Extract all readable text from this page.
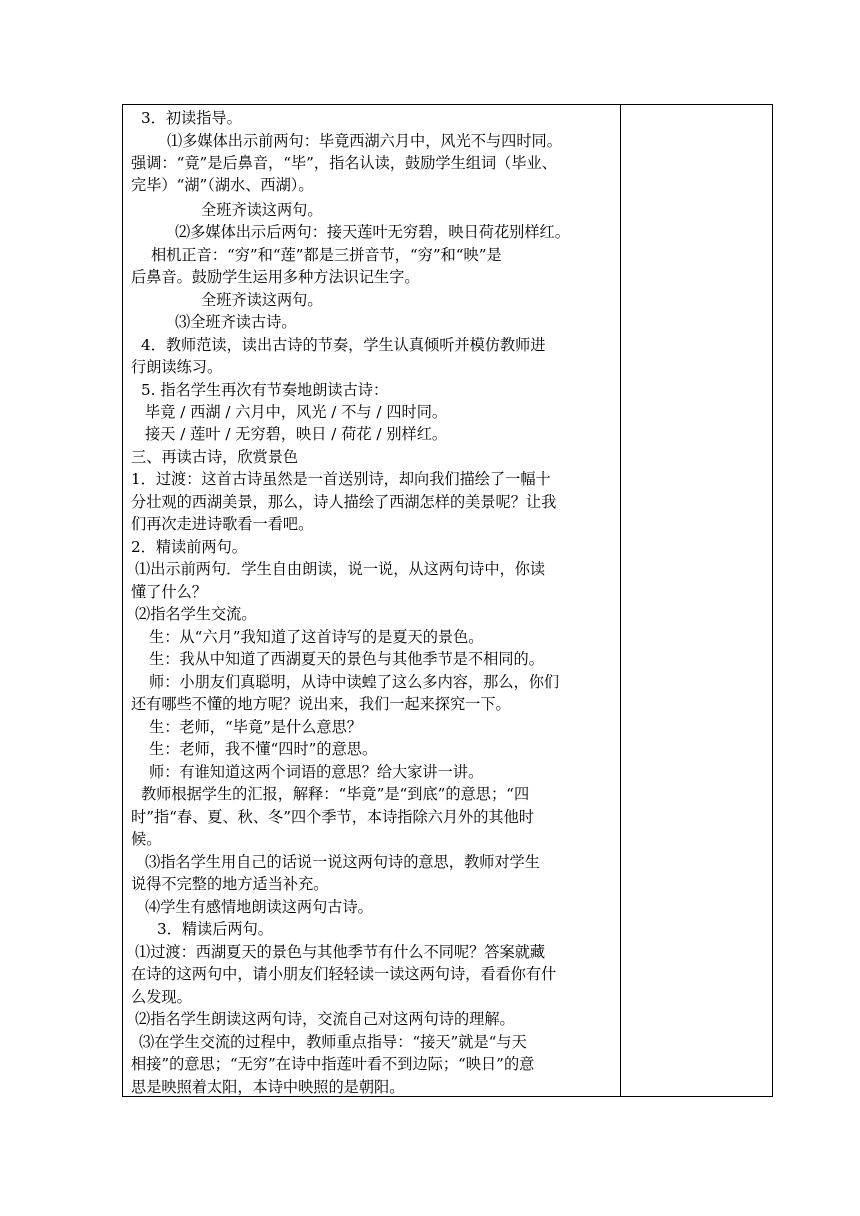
3．初读指导。
⑴多媒体出示前两句：毕竟西湖六月中，风光不与四时同。
强调：“竟”是后鼻音，“毕”，指名认读，鼓励学生组词（毕业、
完毕）“湖”（湖水、西湖）。
全班齐读这两句。
⑵多媒体出示后两句：接天莲叶无穷碧，映日荷花别样红。
相机正音：“穷”和“莲”都是三拼音节，“穷”和“映”是
后鼻音。鼓励学生运用多种方法识记生字。
全班齐读这两句。
⑶全班齐读古诗。
4．教师范读，读出古诗的节奏，学生认真倾听并模仿教师进
行朗读练习。
5. 指名学生再次有节奏地朗读古诗：
毕竟 / 西湖 / 六月中，风光 / 不与 / 四时同。
接天 / 莲叶 / 无穷碧，映日 / 荷花 / 别样红。
三、再读古诗，欣赏景色
1．过渡：这首古诗虽然是一首送别诗，却向我们描绘了一幅十
分壮观的西湖美景，那么，诗人描绘了西湖怎样的美景呢？让我
们再次走进诗歌看一看吧。
2．精读前两句。
⑴出示前两句．学生自由朗读，说一说，从这两句诗中，你读
懂了什么？
⑵指名学生交流。
生：从“六月”我知道了这首诗写的是夏天的景色。
生：我从中知道了西湖夏天的景色与其他季节是不相同的。
师：小朋友们真聪明，从诗中读蝗了这么多内容，那么，你们
还有哪些不懂的地方呢？说出来，我们一起来探究一下。
生：老师，“毕竟”是什么意思？
生：老师，我不懂“四时”的意思。
师：有谁知道这两个词语的意思？给大家讲一讲。
教师根据学生的汇报，解释：“毕竟”是“到底”的意思；“四
时”指“春、夏、秋、冬”四个季节，本诗指除六月外的其他时
候。
⑶指名学生用自己的话说一说这两句诗的意思，教师对学生
说得不完整的地方适当补充。
⑷学生有感情地朗读这两句古诗。
3．精读后两句。
⑴过渡：西湖夏天的景色与其他季节有什么不同呢？答案就藏
在诗的这两句中，请小朋友们轻轻读一读这两句诗，看看你有什
么发现。
⑵指名学生朗读这两句诗，交流自己对这两句诗的理解。
⑶在学生交流的过程中，教师重点指导：“接天”就是“与天
相接”的意思；“无穷”在诗中指莲叶看不到边际；“映日”的意
思是映照着太阳，本诗中映照的是朝阳。
